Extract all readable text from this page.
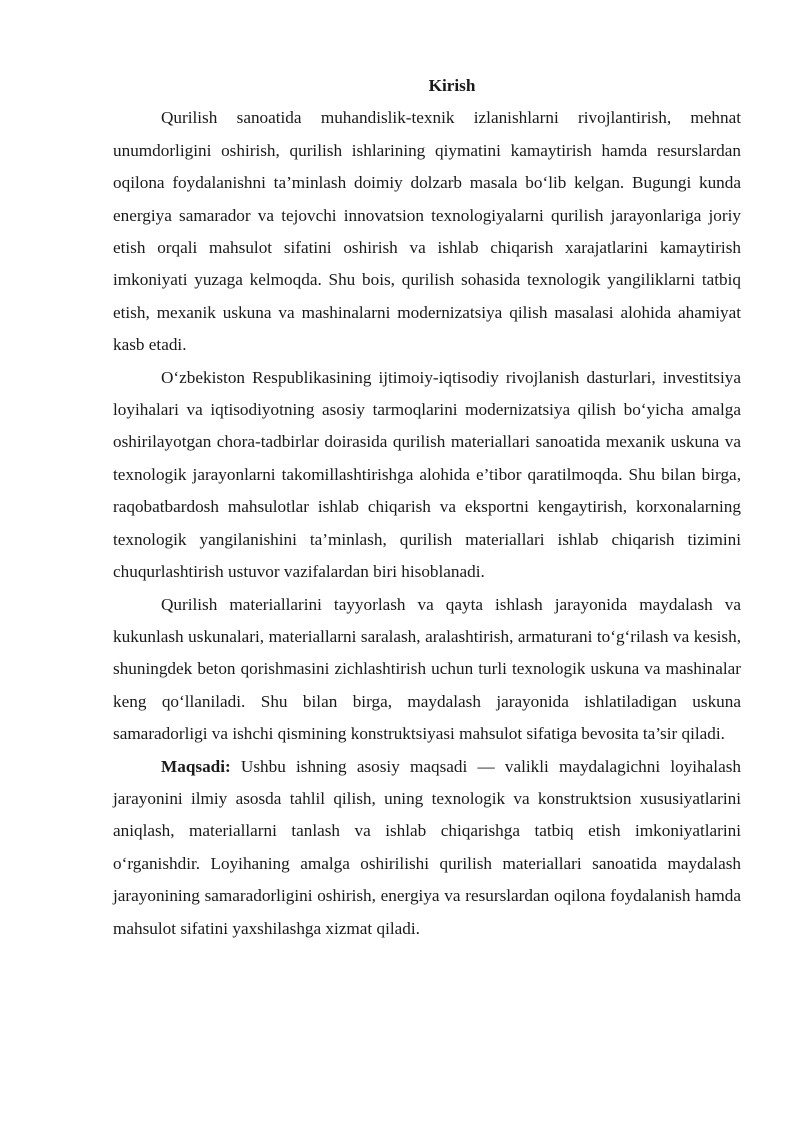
Kirish

Qurilish sanoatida muhandislik-texnik izlanishlarni rivojlantirish, mehnat unumdorligini oshirish, qurilish ishlarining qiymatini kamaytirish hamda resurslardan oqilona foydalanishni ta’minlash doimiy dolzarb masala bo‘lib kelgan. Bugungi kunda energiya samarador va tejovchi innovatsion texnologiyalarni qurilish jarayonlariga joriy etish orqali mahsulot sifatini oshirish va ishlab chiqarish xarajatlarini kamaytirish imkoniyati yuzaga kelmoqda. Shu bois, qurilish sohasida texnologik yangiliklarni tatbiq etish, mexanik uskuna va mashinalarni modernizatsiya qilish masalasi alohida ahamiyat kasb etadi.

O‘zbekiston Respublikasining ijtimoiy-iqtisodiy rivojlanish dasturlari, investitsiya loyihalari va iqtisodiyotning asosiy tarmoqlarini modernizatsiya qilish bo‘yicha amalga oshirilayotgan chora-tadbirlar doirasida qurilish materiallari sanoatida mexanik uskuna va texnologik jarayonlarni takomillashtirishga alohida e’tibor qaratilmoqda. Shu bilan birga, raqobatbardosh mahsulotlar ishlab chiqarish va eksportni kengaytirish, korxonalarning texnologik yangilanishini ta’minlash, qurilish materiallari ishlab chiqarish tizimini chuqurlashtirish ustuvor vazifalardan biri hisoblanadi.

Qurilish materiallarini tayyorlash va qayta ishlash jarayonida maydalash va kukunlash uskunalari, materiallarni saralash, aralashtirish, armaturani to‘g‘rilash va kesish, shuningdek beton qorishmasini zichlashtirish uchun turli texnologik uskuna va mashinalar keng qo‘llaniladi. Shu bilan birga, maydalash jarayonida ishlatiladigan uskuna samaradorligi va ishchi qismining konstruktsiyasi mahsulot sifatiga bevosita ta’sir qiladi.

Maqsadi: Ushbu ishning asosiy maqsadi — valikli maydalagichni loyihalash jarayonini ilmiy asosda tahlil qilish, uning texnologik va konstruktsion xususiyatlarini aniqlash, materiallarni tanlash va ishlab chiqarishga tatbiq etish imkoniyatlarini o‘rganishdir. Loyihaning amalga oshirilishi qurilish materiallari sanoatida maydalash jarayonining samaradorligini oshirish, energiya va resurslardan oqilona foydalanish hamda mahsulot sifatini yaxshilashga xizmat qiladi.
